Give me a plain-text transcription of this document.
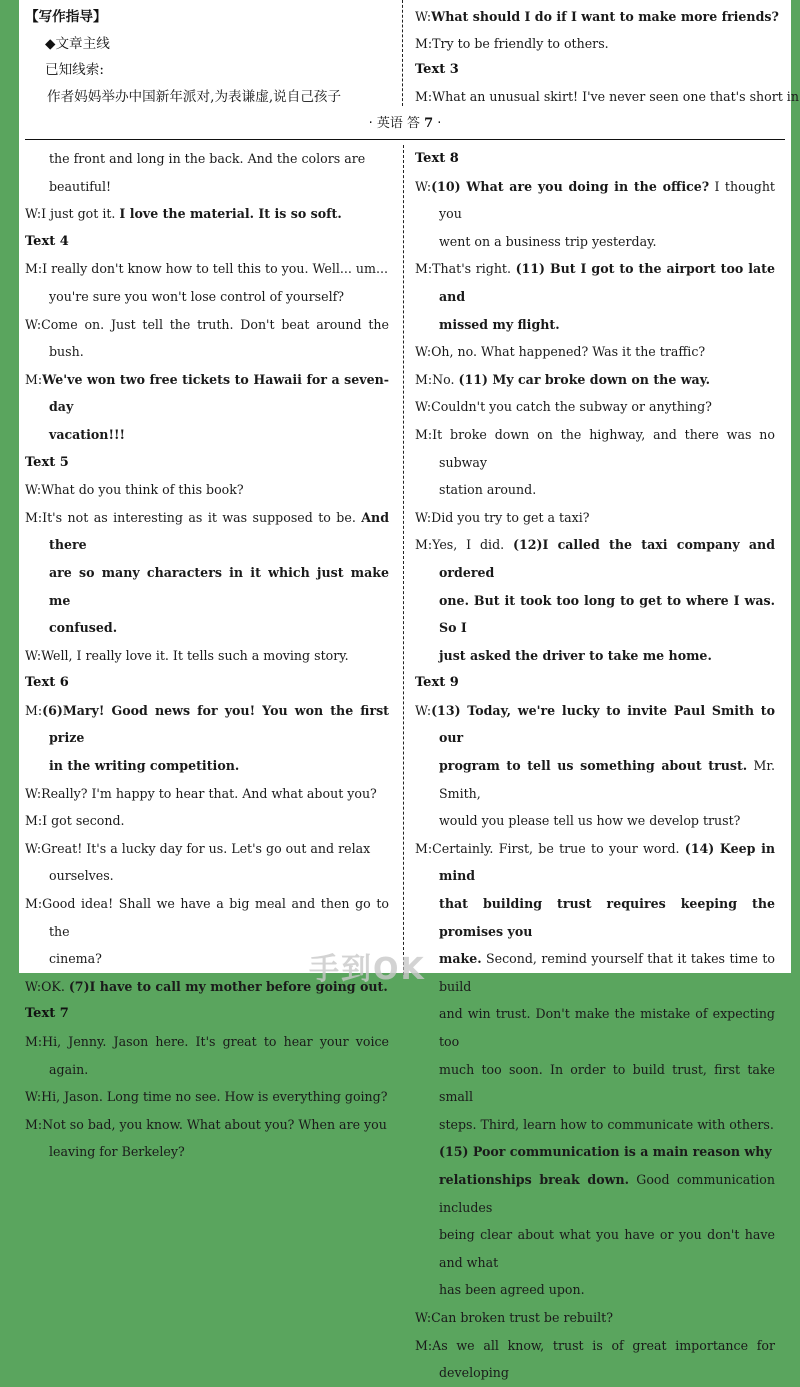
【写作指导】
◆文章主线
已知线索:
作者妈妈举办中国新年派对,为表谦虚,说自己孩子
W:What should I do if I want to make more friends?
M:Try to be friendly to others.
Text 3
M:What an unusual skirt! I've never seen one that's short in
· 英语 答 7 ·
the front and long in the back. And the colors are
beautiful!
W:I just got it. I love the material. It is so soft.
Text 4
M:I really don't know how to tell this to you. Well... um...
you're sure you won't lose control of yourself?
W:Come on. Just tell the truth. Don't beat around the bush.
M:We've won two free tickets to Hawaii for a seven-day
vacation!!!
Text 5
W:What do you think of this book?
M:It's not as interesting as it was supposed to be. And there
are so many characters in it which just make me
confused.
W:Well, I really love it. It tells such a moving story.
Text 6
M:(6)Mary! Good news for you! You won the first prize
in the writing competition.
W:Really? I'm happy to hear that. And what about you?
M:I got second.
W:Great! It's a lucky day for us. Let's go out and relax
ourselves.
M:Good idea! Shall we have a big meal and then go to the
cinema?
W:OK. (7)I have to call my mother before going out.
Text 7
M:Hi, Jenny. Jason here. It's great to hear your voice again.
W:Hi, Jason. Long time no see. How is everything going?
M:Not so bad, you know. What about you? When are you
leaving for Berkeley?
Text 8
W:(10) What are you doing in the office? I thought you
went on a business trip yesterday.
M:That's right. (11) But I got to the airport too late and
missed my flight.
W:Oh, no. What happened? Was it the traffic?
M:No. (11) My car broke down on the way.
W:Couldn't you catch the subway or anything?
M:It broke down on the highway, and there was no subway
station around.
W:Did you try to get a taxi?
M:Yes, I did. (12)I called the taxi company and ordered
one. But it took too long to get to where I was. So I
just asked the driver to take me home.
Text 9
W:(13) Today, we're lucky to invite Paul Smith to our
program to tell us something about trust. Mr. Smith,
would you please tell us how we develop trust?
M:Certainly. First, be true to your word. (14) Keep in mind
that building trust requires keeping the promises you
make. Second, remind yourself that it takes time to build
and win trust. Don't make the mistake of expecting too
much too soon. In order to build trust, first take small
steps. Third, learn how to communicate with others.
(15) Poor communication is a main reason why
relationships break down. Good communication includes
being clear about what you have or you don't have and what
has been agreed upon.
W:Can broken trust be rebuilt?
M:As we all know, trust is of great importance for developing
手到OK
